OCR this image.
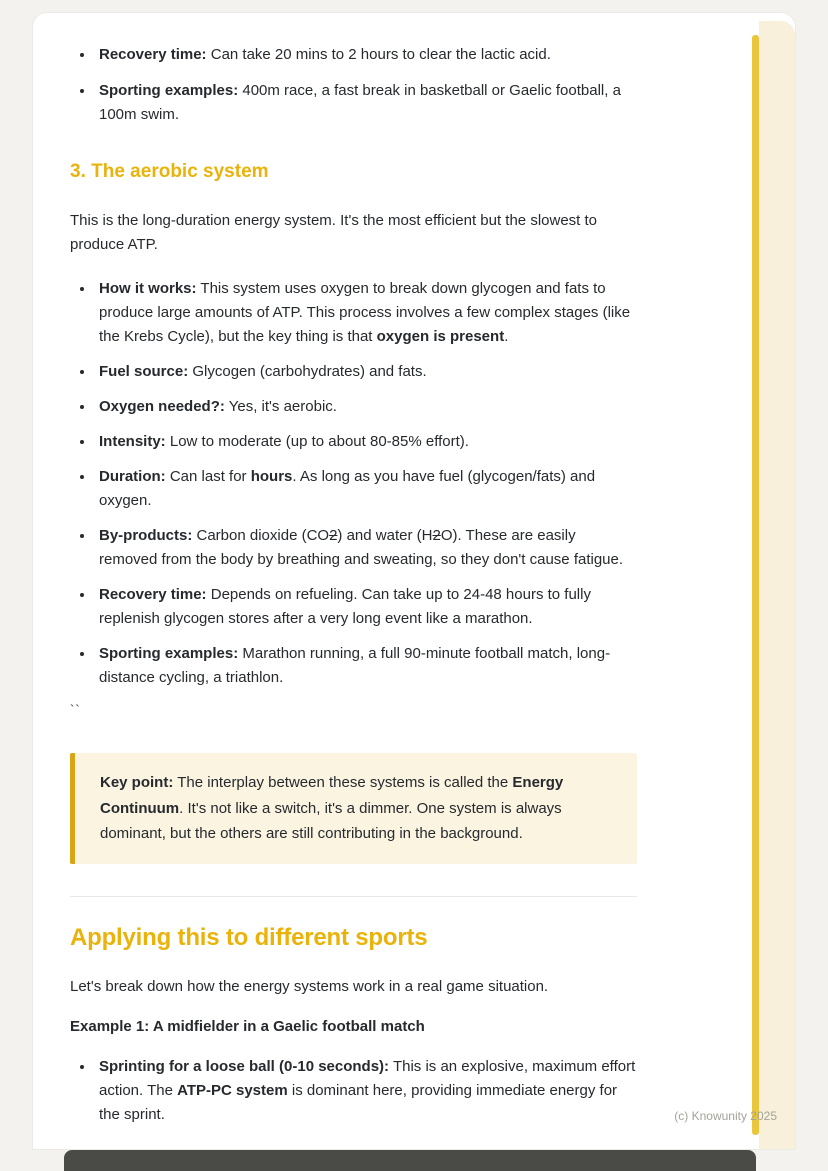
• Recovery time: Can take 20 mins to 2 hours to clear the lactic acid.
• Sporting examples: 400m race, a fast break in basketball or Gaelic football, a 100m swim.
3. The aerobic system

This is the long-duration energy system. It's the most efficient but the slowest to produce ATP.

• How it works: This system uses oxygen to break down glycogen and fats to produce large amounts of ATP. This process involves a few complex stages (like the Krebs Cycle), but the key thing is that oxygen is present.
• Fuel source: Glycogen (carbohydrates) and fats.
• Oxygen needed?: Yes, it's aerobic.
• Intensity: Low to moderate (up to about 80-85% effort).
• Duration: Can last for hours. As long as you have fuel (glycogen/fats) and oxygen.
• By-products: Carbon dioxide (CO2) and water (H2O). These are easily removed from the body by breathing and sweating, so they don't cause fatigue.
• Recovery time: Depends on refueling. Can take up to 24-48 hours to fully replenish glycogen stores after a very long event like a marathon.
• Sporting examples: Marathon running, a full 90-minute football match, long-distance cycling, a triathlon.
``

Key point: The interplay between these systems is called the Energy Continuum. It's not like a switch, it's a dimmer. One system is always dominant, but the others are still contributing in the background.

Applying this to different sports

Let's break down how the energy systems work in a real game situation.

Example 1: A midfielder in a Gaelic football match

• Sprinting for a loose ball (0-10 seconds): This is an explosive, maximum effort action. The ATP-PC system is dominant here, providing immediate energy for the sprint.	(c) Knowunity 2025
